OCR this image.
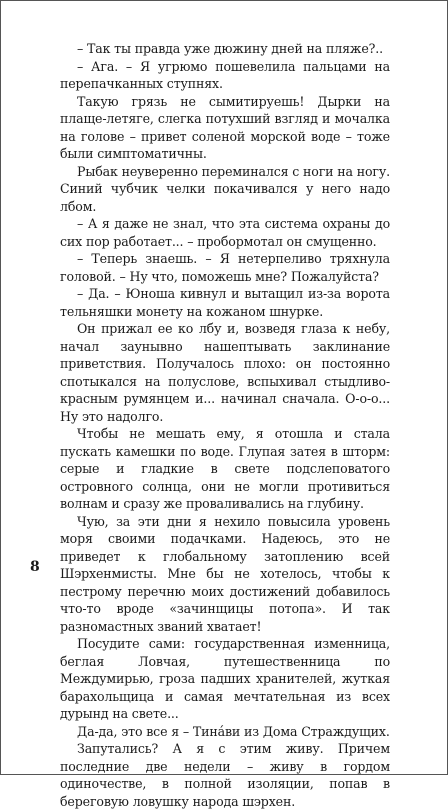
– Так ты правда уже дюжину дней на пляже?..

– Ага. – Я угрюмо пошевелила пальцами на перепачканных ступнях.

Такую грязь не сымитируешь! Дырки на плаще-летяге, слегка потухший взгляд и мочалка на голове – привет соленой морской воде – тоже были симптоматичны.

Рыбак неуверенно переминался с ноги на ногу. Синий чубчик челки покачивался у него надо лбом.

– А я даже не знал, что эта система охраны до сих пор работает... – пробормотал он смущенно.

– Теперь знаешь. – Я нетерпеливо тряхнула головой. – Ну что, поможешь мне? Пожалуйста?

– Да. – Юноша кивнул и вытащил из-за ворота тельняшки монету на кожаном шнурке.

Он прижал ее ко лбу и, возведя глаза к небу, начал заунывно нашептывать заклинание приветствия. Получалось плохо: он постоянно спотыкался на полуслове, вспыхивал стыдливо-красным румянцем и... начинал сначала. О-о-о... Ну это надолго.

Чтобы не мешать ему, я отошла и стала пускать камешки по воде. Глупая затея в шторм: серые и гладкие в свете подслеповатого островного солнца, они не могли противиться волнам и сразу же проваливались на глубину.

Чую, за эти дни я нехило повысила уровень моря своими подачками. Надеюсь, это не приведет к глобальному затоплению всей Шэрхенмисты. Мне бы не хотелось, чтобы к пестрому перечню моих достижений добавилось что-то вроде «зачинщицы потопа». И так разномастных званий хватает!

Посудите сами: государственная изменница, беглая Ловчая, путешественница по Междумирью, гроза падших хранителей, жуткая барахольщица и самая мечтательная из всех дурынд на свете...

Да-да, это все я – Тинáви из Дома Страждущих.

Запутались? А я с этим живу. Причем последние две недели – живу в гордом одиночестве, в полной изоляции, попав в береговую ловушку народа шэрхен.

8
